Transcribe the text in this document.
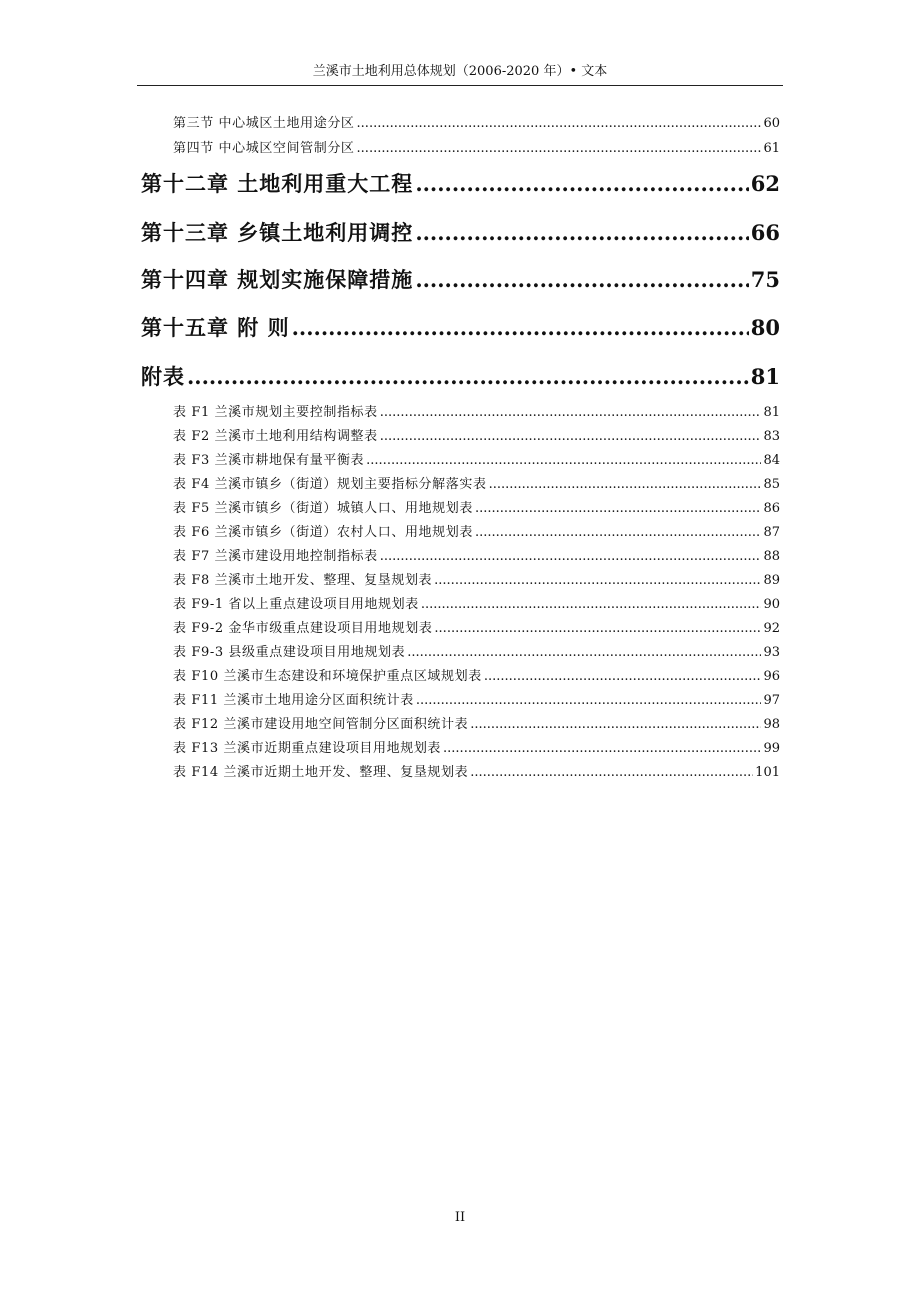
兰溪市土地利用总体规划（2006-2020 年）• 文本
第三节 中心城区土地用途分区 .....	60
第四节 中心城区空间管制分区 .....	61
第十二章 土地利用重大工程 .....	62
第十三章 乡镇土地利用调控 .....	66
第十四章 规划实施保障措施 .....	75
第十五章 附 则 .....	80
附表 .....	81
表 F1 兰溪市规划主要控制指标表 .....	81
表 F2 兰溪市土地利用结构调整表 .....	83
表 F3 兰溪市耕地保有量平衡表 .....	84
表 F4 兰溪市镇乡（街道）规划主要指标分解落实表 .....	85
表 F5 兰溪市镇乡（街道）城镇人口、用地规划表 .....	86
表 F6 兰溪市镇乡（街道）农村人口、用地规划表 .....	87
表 F7 兰溪市建设用地控制指标表 .....	88
表 F8 兰溪市土地开发、整理、复垦规划表 .....	89
表 F9-1 省以上重点建设项目用地规划表 .....	90
表 F9-2 金华市级重点建设项目用地规划表 .....	92
表 F9-3 县级重点建设项目用地规划表 .....	93
表 F10 兰溪市生态建设和环境保护重点区域规划表 .....	96
表 F11 兰溪市土地用途分区面积统计表 .....	97
表 F12 兰溪市建设用地空间管制分区面积统计表 .....	98
表 F13 兰溪市近期重点建设项目用地规划表 .....	99
表 F14 兰溪市近期土地开发、整理、复垦规划表 .....	101
II
